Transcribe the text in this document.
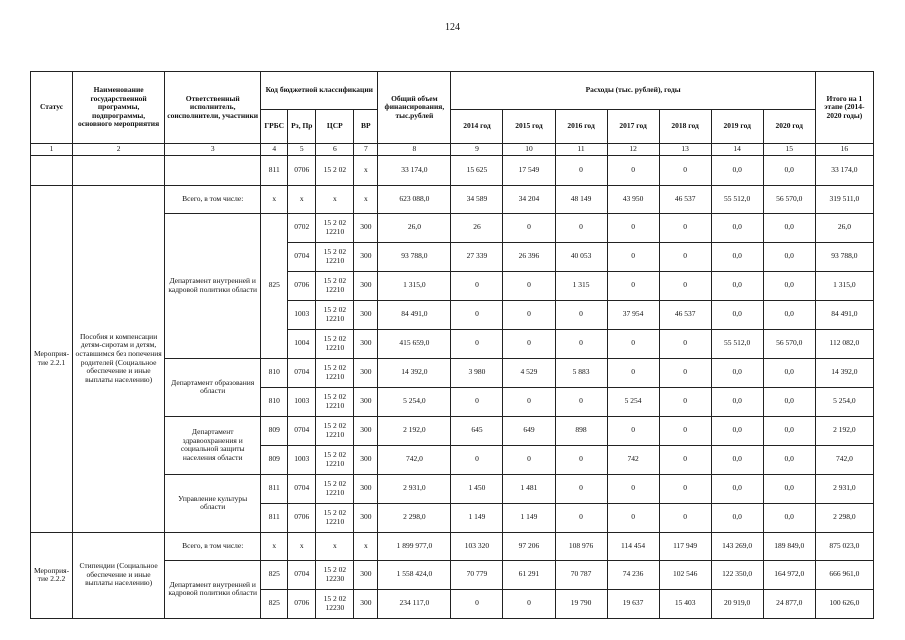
124
Статус	Наименование государственной программы, подпрограммы, основного мероприятия	Ответственный исполнитель, соисполнители, участники	Код бюджетной классификации				Общий объем финансирования, тыс.рублей	Расходы (тыс. рублей), годы							Итого на 1 этапе (2014-2020 годы)
			ГРБС	Рз, Пр	ЦСР	ВР		2014 год	2015 год	2016 год	2017 год	2018 год	2019 год	2020 год	
1	2	3	4	5	6	7	8	9	10	11	12	13	14	15	16
			811	0706	15 2 02	х	33 174,0	15 625	17 549	0	0	0	0,0	0,0	33 174,0
Мероприя-тие 2.2.1	Пособия и компенсации детям-сиротам и детям, оставшимся без попечения родителей (Социальное обеспечение и иные выплаты населению)	Всего, в том числе:	х	х	х	х	623 088,0	34 589	34 204	48 149	43 950	46 537	55 512,0	56 570,0	319 511,0
		Департамент внутренней и кадровой политики области	825	0702	15 2 02 12210	300	26,0	26	0	0	0	0	0,0	0,0	26,0
				0704	15 2 02 12210	300	93 788,0	27 339	26 396	40 053	0	0	0,0	0,0	93 788,0
				0706	15 2 02 12210	300	1 315,0	0	0	1 315	0	0	0,0	0,0	1 315,0
				1003	15 2 02 12210	300	84 491,0	0	0	0	37 954	46 537	0,0	0,0	84 491,0
				1004	15 2 02 12210	300	415 659,0	0	0	0	0	0	55 512,0	56 570,0	112 082,0
		Департамент образования области	810	0704	15 2 02 12210	300	14 392,0	3 980	4 529	5 883	0	0	0,0	0,0	14 392,0
			810	1003	15 2 02 12210	300	5 254,0	0	0	0	5 254	0	0,0	0,0	5 254,0
		Департамент здравоохранения и социальной защиты населения области	809	0704	15 2 02 12210	300	2 192,0	645	649	898	0	0	0,0	0,0	2 192,0
			809	1003	15 2 02 12210	300	742,0	0	0	0	742	0	0,0	0,0	742,0
		Управление культуры области	811	0704	15 2 02 12210	300	2 931,0	1 450	1 481	0	0	0	0,0	0,0	2 931,0
			811	0706	15 2 02 12210	300	2 298,0	1 149	1 149	0	0	0	0,0	0,0	2 298,0
Мероприя-тие 2.2.2	Стипендии (Социальное обеспечение и иные выплаты населению)	Всего, в том числе:	х	х	х	х	1 899 977,0	103 320	97 206	108 976	114 454	117 949	143 269,0	189 849,0	875 023,0
		Департамент внутренней и кадровой политики области	825	0704	15 2 02 12230	300	1 558 424,0	70 779	61 291	70 787	74 236	102 546	122 350,0	164 972,0	666 961,0
			825	0706	15 2 02 12230	300	234 117,0	0	0	19 790	19 637	15 403	20 919,0	24 877,0	100 626,0
